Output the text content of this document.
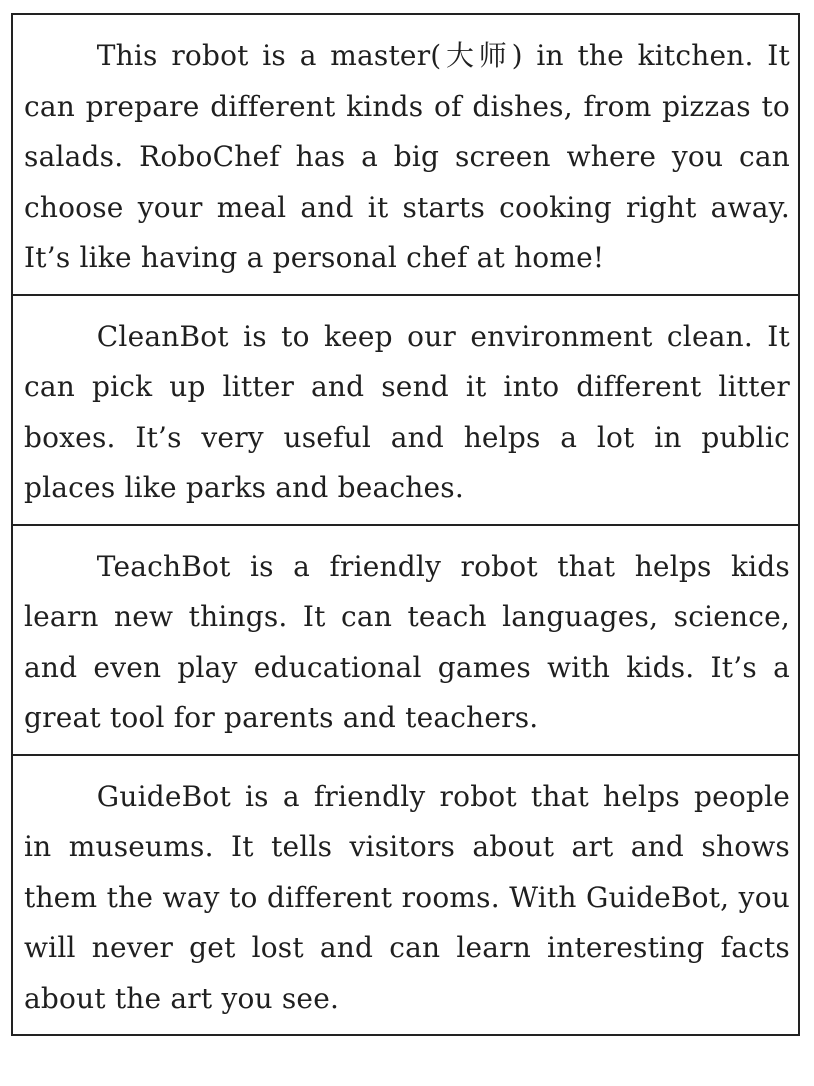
This robot is a master(大师) in the kitchen. It can prepare different kinds of dishes, from pizzas to salads. RoboChef has a big screen where you can choose your meal and it starts cooking right away. It’s like having a personal chef at home!

CleanBot is to keep our environment clean. It can pick up litter and send it into different litter boxes. It’s very useful and helps a lot in public places like parks and beaches.

TeachBot is a friendly robot that helps kids learn new things. It can teach languages, science, and even play educational games with kids. It’s a great tool for parents and teachers.

GuideBot is a friendly robot that helps people in museums. It tells visitors about art and shows them the way to different rooms. With GuideBot, you will never get lost and can learn interesting facts about the art you see.
